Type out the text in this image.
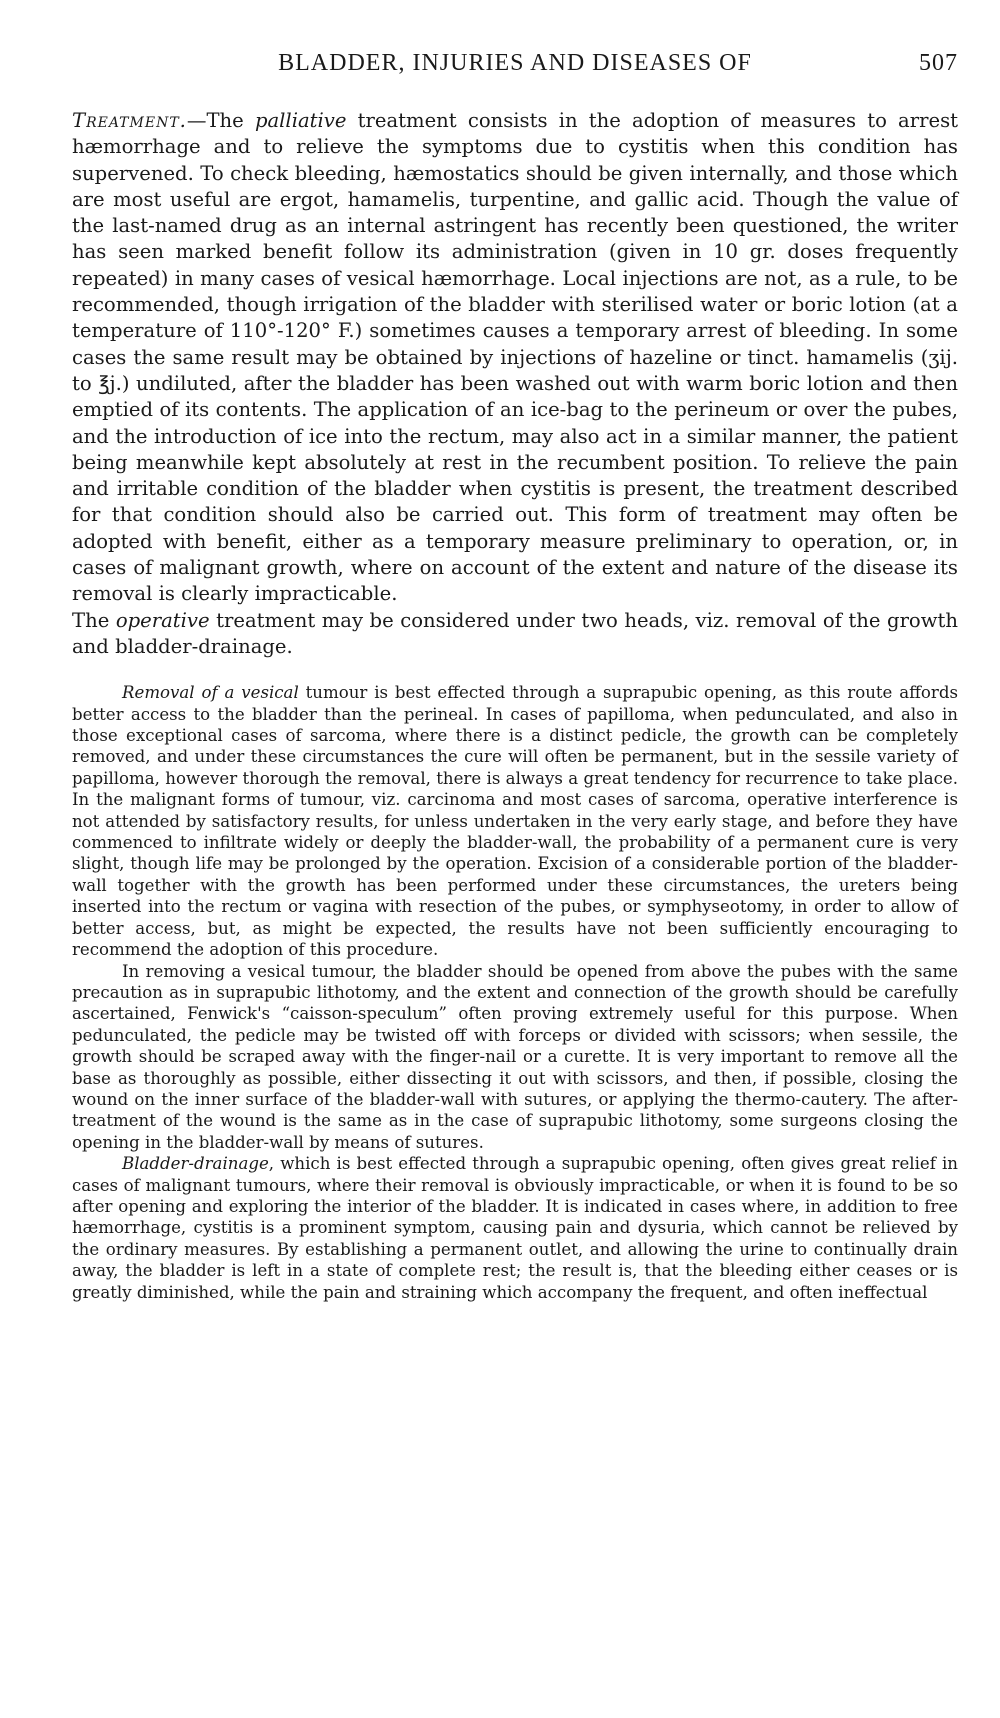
BLADDER, INJURIES AND DISEASES OF	507

Treatment.—The palliative treatment consists in the adoption of measures to arrest hæmorrhage and to relieve the symptoms due to cystitis when this condition has supervened. To check bleeding, hæmostatics should be given internally, and those which are most useful are ergot, hamamelis, turpentine, and gallic acid. Though the value of the last-named drug as an internal astringent has recently been questioned, the writer has seen marked benefit follow its administration (given in 10 gr. doses frequently repeated) in many cases of vesical hæmorrhage. Local injections are not, as a rule, to be recommended, though irrigation of the bladder with sterilised water or boric lotion (at a temperature of 110°-120° F.) sometimes causes a temporary arrest of bleeding. In some cases the same result may be obtained by injections of hazeline or tinct. hamamelis (ʒij. to ℥j.) undiluted, after the bladder has been washed out with warm boric lotion and then emptied of its contents. The application of an ice-bag to the perineum or over the pubes, and the introduction of ice into the rectum, may also act in a similar manner, the patient being meanwhile kept absolutely at rest in the recumbent position. To relieve the pain and irritable condition of the bladder when cystitis is present, the treatment described for that condition should also be carried out. This form of treatment may often be adopted with benefit, either as a temporary measure preliminary to operation, or, in cases of malignant growth, where on account of the extent and nature of the disease its removal is clearly impracticable.

The operative treatment may be considered under two heads, viz. removal of the growth and bladder-drainage.

Removal of a vesical tumour is best effected through a suprapubic opening, as this route affords better access to the bladder than the perineal. In cases of papilloma, when pedunculated, and also in those exceptional cases of sarcoma, where there is a distinct pedicle, the growth can be completely removed, and under these circumstances the cure will often be permanent, but in the sessile variety of papilloma, however thorough the removal, there is always a great tendency for recurrence to take place. In the malignant forms of tumour, viz. carcinoma and most cases of sarcoma, operative interference is not attended by satisfactory results, for unless undertaken in the very early stage, and before they have commenced to infiltrate widely or deeply the bladder-wall, the probability of a permanent cure is very slight, though life may be prolonged by the operation. Excision of a considerable portion of the bladder-wall together with the growth has been performed under these circumstances, the ureters being inserted into the rectum or vagina with resection of the pubes, or symphyseotomy, in order to allow of better access, but, as might be expected, the results have not been sufficiently encouraging to recommend the adoption of this procedure.

In removing a vesical tumour, the bladder should be opened from above the pubes with the same precaution as in suprapubic lithotomy, and the extent and connection of the growth should be carefully ascertained, Fenwick's “caisson-speculum” often proving extremely useful for this purpose. When pedunculated, the pedicle may be twisted off with forceps or divided with scissors; when sessile, the growth should be scraped away with the finger-nail or a curette. It is very important to remove all the base as thoroughly as possible, either dissecting it out with scissors, and then, if possible, closing the wound on the inner surface of the bladder-wall with sutures, or applying the thermo-cautery. The after-treatment of the wound is the same as in the case of suprapubic lithotomy, some surgeons closing the opening in the bladder-wall by means of sutures.

Bladder-drainage, which is best effected through a suprapubic opening, often gives great relief in cases of malignant tumours, where their removal is obviously impracticable, or when it is found to be so after opening and exploring the interior of the bladder. It is indicated in cases where, in addition to free hæmorrhage, cystitis is a prominent symptom, causing pain and dysuria, which cannot be relieved by the ordinary measures. By establishing a permanent outlet, and allowing the urine to continually drain away, the bladder is left in a state of complete rest; the result is, that the bleeding either ceases or is greatly diminished, while the pain and straining which accompany the frequent, and often ineffectual
